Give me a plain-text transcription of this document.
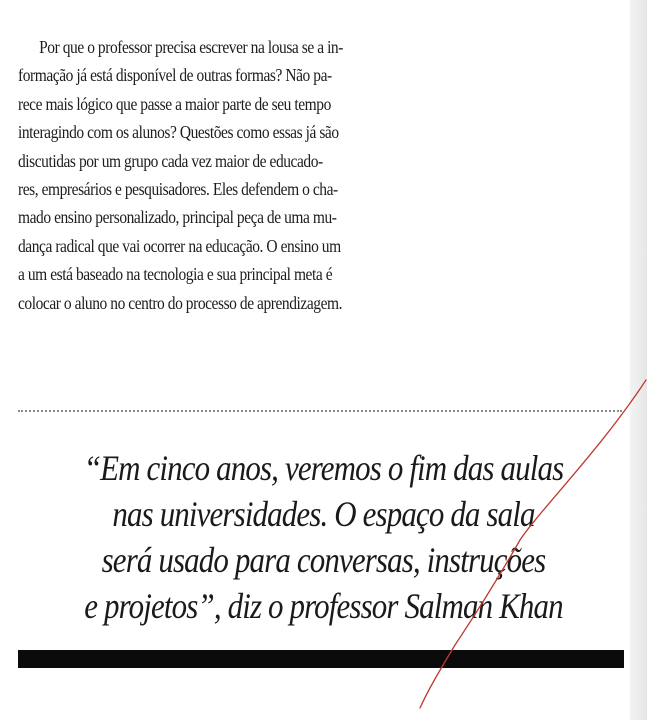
Por que o professor precisa escrever na lousa se a in-
formação já está disponível de outras formas? Não pa-
rece mais lógico que passe a maior parte de seu tempo
interagindo com os alunos? Questões como essas já são
discutidas por um grupo cada vez maior de educado-
res, empresários e pesquisadores. Eles defendem o cha-
mado ensino personalizado, principal peça de uma mu-
dança radical que vai ocorrer na educação. O ensino um
a um está baseado na tecnologia e sua principal meta é
colocar o aluno no centro do processo de aprendizagem.

“Em cinco anos, veremos o fim das aulas
nas universidades. O espaço da sala
será usado para conversas, instruções
e projetos”, diz o professor Salman Khan
